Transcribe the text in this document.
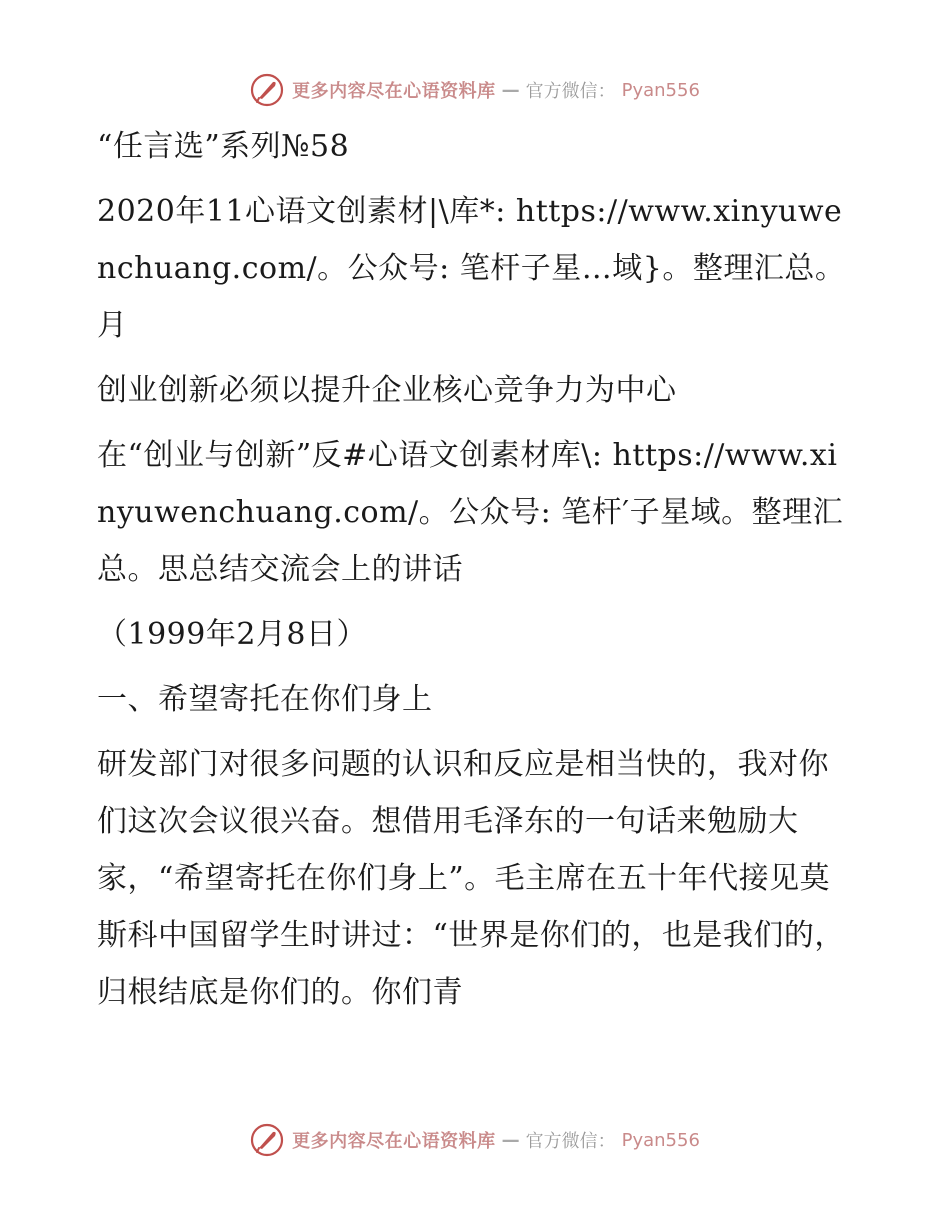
更多内容尽在心语资料库 — 官方微信： Pyan556

“任言选”系列№58

2020年11心语文创素材|\库*: https://www.xinyuwenchuang.com/。公众号: 笔杆子星…域}。整理汇总。月

创业创新必须以提升企业核心竞争力为中心

在“创业与创新”反#心语文创素材库\: https://www.xinyuwenchuang.com/。公众号: 笔杆′子星域。整理汇总。思总结交流会上的讲话

（1999年2月8日）

一、希望寄托在你们身上

研发部门对很多问题的认识和反应是相当快的，我对你们这次会议很兴奋。想借用毛泽东的一句话来勉励大家，“希望寄托在你们身上”。毛主席在五十年代接见莫斯科中国留学生时讲过：“世界是你们的，也是我们的，归根结底是你们的。你们青

更多内容尽在心语资料库 — 官方微信： Pyan556
